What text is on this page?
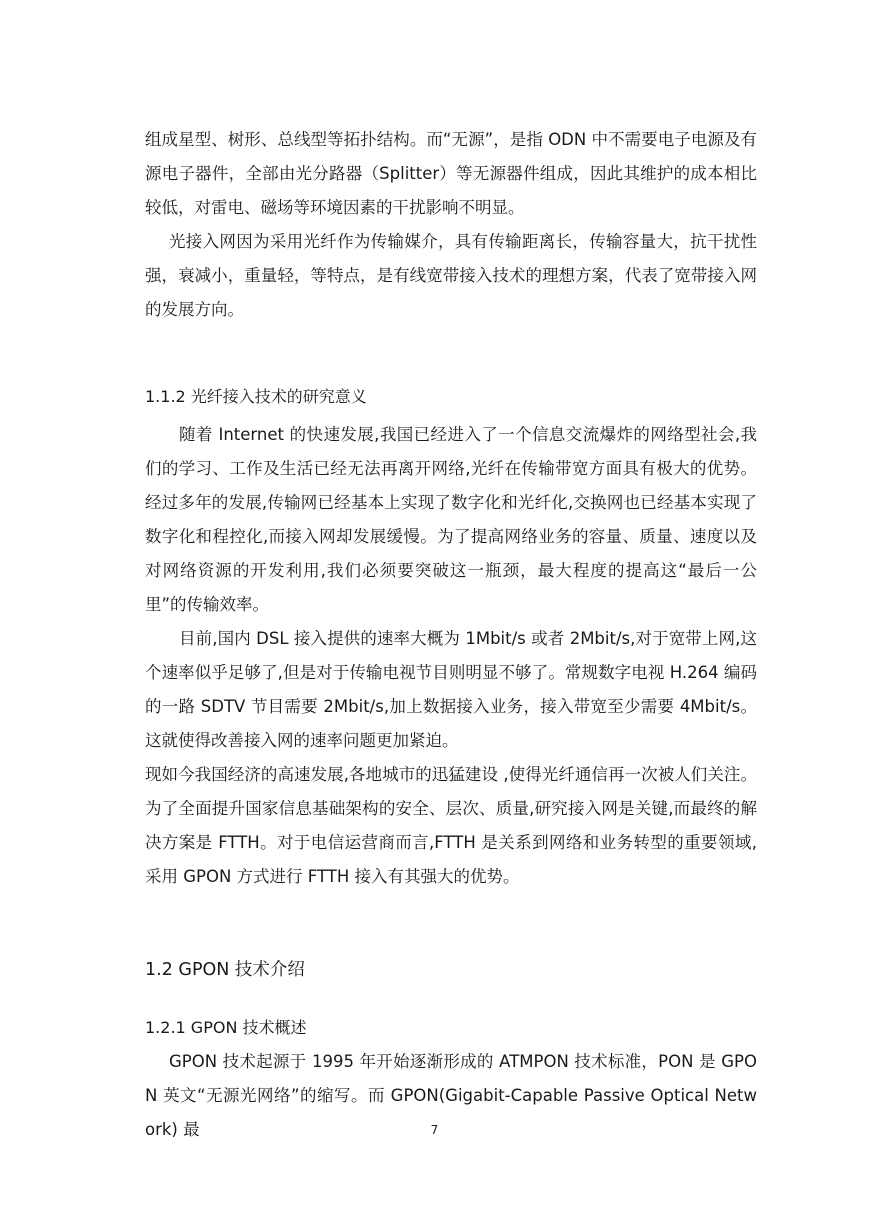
组成星型、树形、总线型等拓扑结构。而“无源”，是指 ODN 中不需要电子电源及有源电子器件，全部由光分路器（Splitter）等无源器件组成，因此其维护的成本相比较低，对雷电、磁场等环境因素的干扰影响不明显。

光接入网因为采用光纤作为传输媒介，具有传输距离长，传输容量大，抗干扰性强，衰减小，重量轻，等特点，是有线宽带接入技术的理想方案，代表了宽带接入网的发展方向。

1.1.2 光纤接入技术的研究意义

随着 Internet 的快速发展,我国已经进入了一个信息交流爆炸的网络型社会,我们的学习、工作及生活已经无法再离开网络,光纤在传输带宽方面具有极大的优势。经过多年的发展,传输网已经基本上实现了数字化和光纤化,交换网也已经基本实现了数字化和程控化,而接入网却发展缓慢。为了提高网络业务的容量、质量、速度以及对网络资源的开发利用,我们必须要突破这一瓶颈，最大程度的提高这“最后一公里”的传输效率。

目前,国内 DSL 接入提供的速率大概为 1Mbit/s 或者 2Mbit/s,对于宽带上网,这个速率似乎足够了,但是对于传输电视节目则明显不够了。常规数字电视 H.264 编码的一路 SDTV 节目需要 2Mbit/s,加上数据接入业务，接入带宽至少需要 4Mbit/s。这就使得改善接入网的速率问题更加紧迫。

现如今我国经济的高速发展,各地城市的迅猛建设 ,使得光纤通信再一次被人们关注。为了全面提升国家信息基础架构的安全、层次、质量,研究接入网是关键,而最终的解决方案是 FTTH。对于电信运营商而言,FTTH 是关系到网络和业务转型的重要领域,采用 GPON 方式进行 FTTH 接入有其强大的优势。

1.2 GPON 技术介绍
1.2.1 GPON 技术概述

GPON 技术起源于 1995 年开始逐渐形成的 ATMPON 技术标准，PON 是 GPON 英文“无源光网络”的缩写。而 GPON(Gigabit-Capable Passive Optical Network) 最	7
